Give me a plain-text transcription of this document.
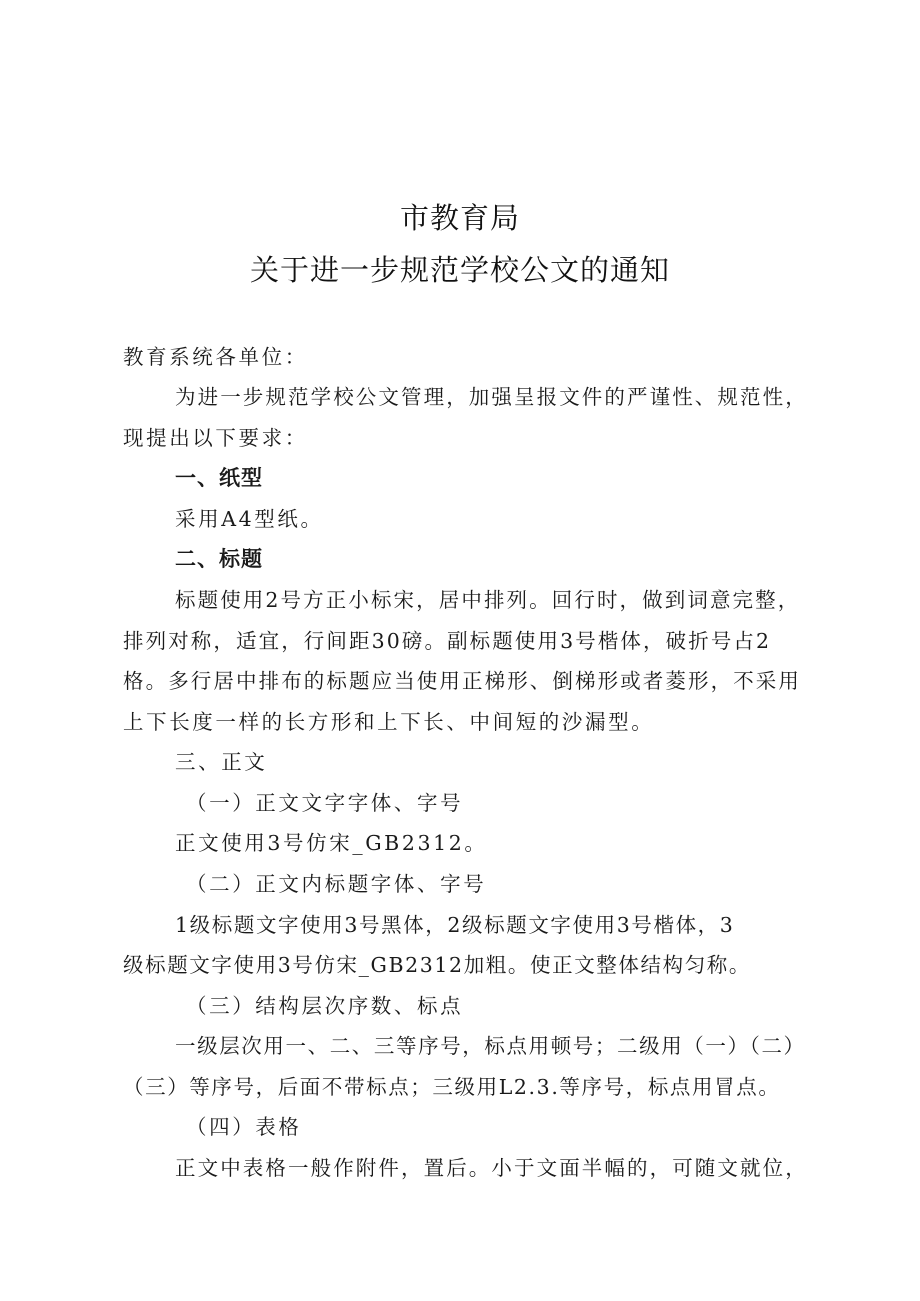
市教育局
关于进一步规范学校公文的通知
教育系统各单位：
为进一步规范学校公文管理，加强呈报文件的严谨性、规范性，
现提出以下要求：
一、纸型
采用A4型纸。
二、标题
标题使用2号方正小标宋，居中排列。回行时，做到词意完整，
排列对称，适宜，行间距30磅。副标题使用3号楷体，破折号占2
格。多行居中排布的标题应当使用正梯形、倒梯形或者菱形，不采用
上下长度一样的长方形和上下长、中间短的沙漏型。
三、正文
（一）正文文字字体、字号
正文使用3号仿宋_GB2312。
（二）正文内标题字体、字号
1级标题文字使用3号黑体，2级标题文字使用3号楷体，3
级标题文字使用3号仿宋_GB2312加粗。使正文整体结构匀称。
（三）结构层次序数、标点
一级层次用一、二、三等序号，标点用顿号；二级用（一）（二）
（三）等序号，后面不带标点；三级用L2.3.等序号，标点用冒点。
（四）表格
正文中表格一般作附件，置后。小于文面半幅的，可随文就位，
